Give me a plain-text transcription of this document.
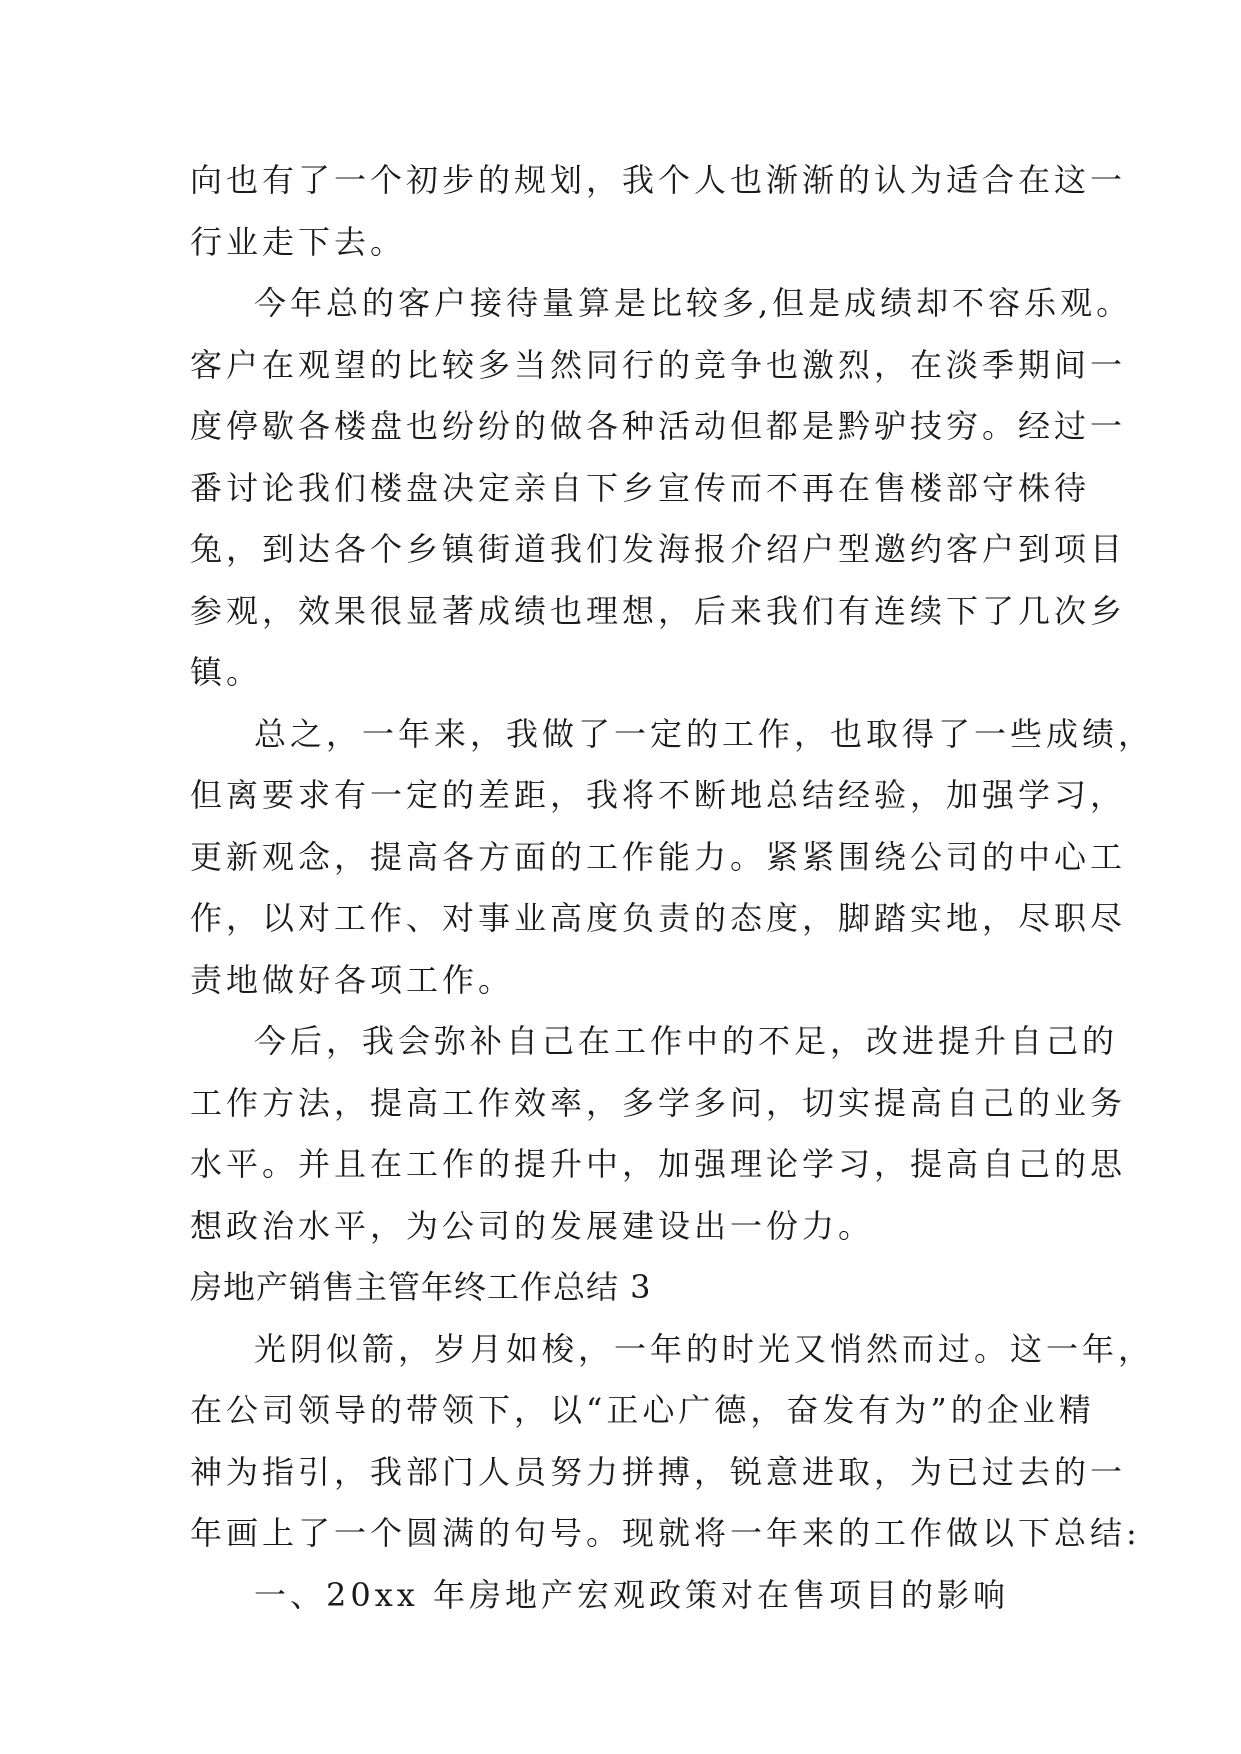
向也有了一个初步的规划，我个人也渐渐的认为适合在这一
行业走下去。
今年总的客户接待量算是比较多,但是成绩却不容乐观。
客户在观望的比较多当然同行的竞争也激烈，在淡季期间一
度停歇各楼盘也纷纷的做各种活动但都是黔驴技穷。经过一
番讨论我们楼盘决定亲自下乡宣传而不再在售楼部守株待
兔，到达各个乡镇街道我们发海报介绍户型邀约客户到项目
参观，效果很显著成绩也理想，后来我们有连续下了几次乡
镇。
总之，一年来，我做了一定的工作，也取得了一些成绩，
但离要求有一定的差距，我将不断地总结经验，加强学习，
更新观念，提高各方面的工作能力。紧紧围绕公司的中心工
作，以对工作、对事业高度负责的态度，脚踏实地，尽职尽
责地做好各项工作。
今后，我会弥补自己在工作中的不足，改进提升自己的
工作方法，提高工作效率，多学多问，切实提高自己的业务
水平。并且在工作的提升中，加强理论学习，提高自己的思
想政治水平，为公司的发展建设出一份力。
房地产销售主管年终工作总结 3
光阴似箭，岁月如梭，一年的时光又悄然而过。这一年，
在公司领导的带领下，以“正心广德，奋发有为”的企业精
神为指引，我部门人员努力拼搏，锐意进取，为已过去的一
年画上了一个圆满的句号。现就将一年来的工作做以下总结:
一、20xx 年房地产宏观政策对在售项目的影响
